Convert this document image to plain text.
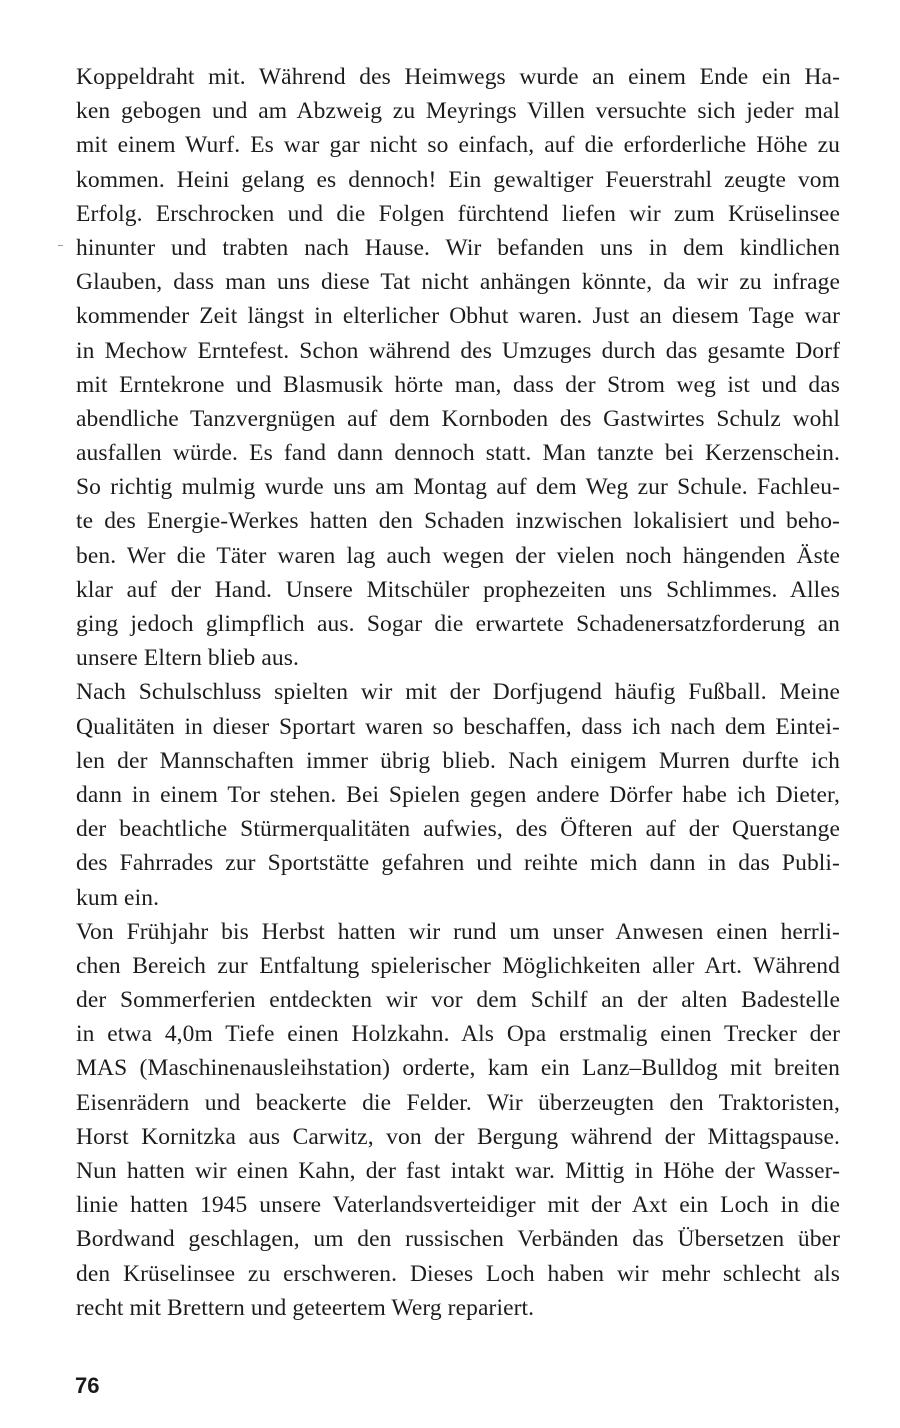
Koppeldraht mit. Während des Heimwegs wurde an einem Ende ein Ha-
ken gebogen und am Abzweig zu Meyrings Villen versuchte sich jeder mal
mit einem Wurf. Es war gar nicht so einfach, auf die erforderliche Höhe zu
kommen. Heini gelang es dennoch! Ein gewaltiger Feuerstrahl zeugte vom
Erfolg. Erschrocken und die Folgen fürchtend liefen wir zum Krüselinsee
hinunter und trabten nach Hause. Wir befanden uns in dem kindlichen
Glauben, dass man uns diese Tat nicht anhängen könnte, da wir zu infrage
kommender Zeit längst in elterlicher Obhut waren. Just an diesem Tage war
in Mechow Erntefest. Schon während des Umzuges durch das gesamte Dorf
mit Erntekrone und Blasmusik hörte man, dass der Strom weg ist und das
abendliche Tanzvergnügen auf dem Kornboden des Gastwirtes Schulz wohl
ausfallen würde. Es fand dann dennoch statt. Man tanzte bei Kerzenschein.
So richtig mulmig wurde uns am Montag auf dem Weg zur Schule. Fachleu-
te des Energie-Werkes hatten den Schaden inzwischen lokalisiert und beho-
ben. Wer die Täter waren lag auch wegen der vielen noch hängenden Äste
klar auf der Hand. Unsere Mitschüler prophezeiten uns Schlimmes. Alles
ging jedoch glimpflich aus. Sogar die erwartete Schadenersatzforderung an
unsere Eltern blieb aus.
Nach Schulschluss spielten wir mit der Dorfjugend häufig Fußball. Meine
Qualitäten in dieser Sportart waren so beschaffen, dass ich nach dem Eintei-
len der Mannschaften immer übrig blieb. Nach einigem Murren durfte ich
dann in einem Tor stehen. Bei Spielen gegen andere Dörfer habe ich Dieter,
der beachtliche Stürmerqualitäten aufwies, des Öfteren auf der Querstange
des Fahrrades zur Sportstätte gefahren und reihte mich dann in das Publi-
kum ein.
Von Frühjahr bis Herbst hatten wir rund um unser Anwesen einen herrli-
chen Bereich zur Entfaltung spielerischer Möglichkeiten aller Art. Während
der Sommerferien entdeckten wir vor dem Schilf an der alten Badestelle
in etwa 4,0m Tiefe einen Holzkahn. Als Opa erstmalig einen Trecker der
MAS (Maschinenausleihstation) orderte, kam ein Lanz–Bulldog mit breiten
Eisenrädern und beackerte die Felder. Wir überzeugten den Traktoristen,
Horst Kornitzka aus Carwitz, von der Bergung während der Mittagspause.
Nun hatten wir einen Kahn, der fast intakt war. Mittig in Höhe der Wasser-
linie hatten 1945 unsere Vaterlandsverteidiger mit der Axt ein Loch in die
Bordwand geschlagen, um den russischen Verbänden das Übersetzen über
den Krüselinsee zu erschweren. Dieses Loch haben wir mehr schlecht als
recht mit Brettern und geteertem Werg repariert.
76
